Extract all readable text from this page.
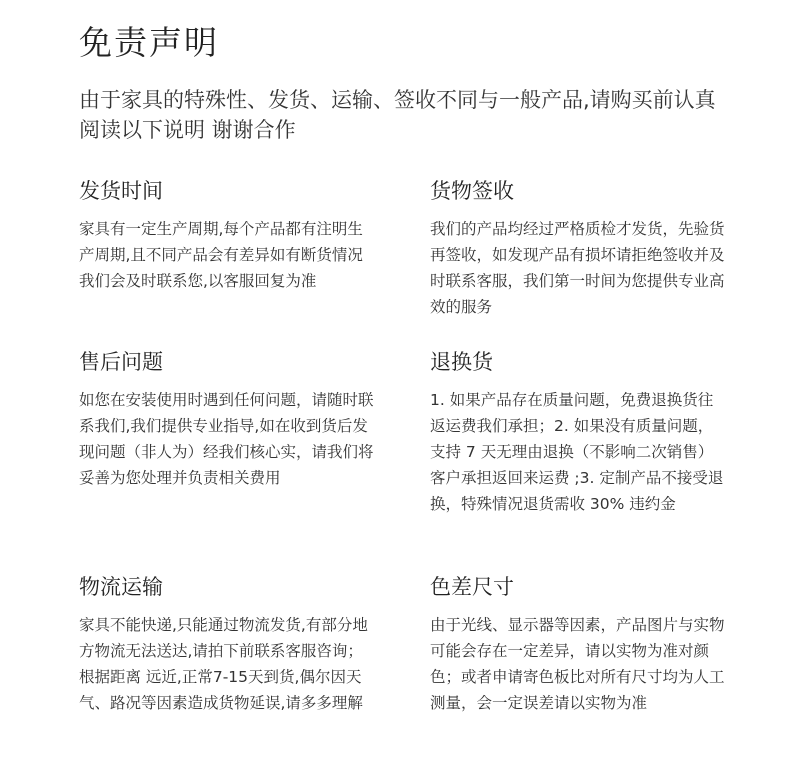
免责声明
由于家具的特殊性、发货、运输、签收不同与一般产品,请购买前认真阅读以下说明 谢谢合作
发货时间

家具有一定生产周期,每个产品都有注明生产周期,且不同产品会有差异如有断货情况我们会及时联系您,以客服回复为准

货物签收

我们的产品均经过严格质检才发货，先验货再签收，如发现产品有损坏请拒绝签收并及时联系客服，我们第一时间为您提供专业高效的服务

售后问题

如您在安装使用时遇到任何问题，请随时联系我们,我们提供专业指导,如在收到货后发现问题（非人为）经我们核心实，请我们将妥善为您处理并负责相关费用

退换货

1. 如果产品存在质量问题，免费退换货往返运费我们承担；2. 如果没有质量问题，支持 7 天无理由退换（不影响二次销售）客户承担返回来运费 ;3. 定制产品不接受退换，特殊情况退货需收 30% 违约金

物流运输

家具不能快递,只能通过物流发货,有部分地方物流无法送达,请拍下前联系客服咨询；根据距离 远近,正常7-15天到货,偶尔因天气、路况等因素造成货物延误,请多多理解

色差尺寸

由于光线、显示器等因素，产品图片与实物可能会存在一定差异，请以实物为准对颜色；或者申请寄色板比对所有尺寸均为人工测量，会一定误差请以实物为准
